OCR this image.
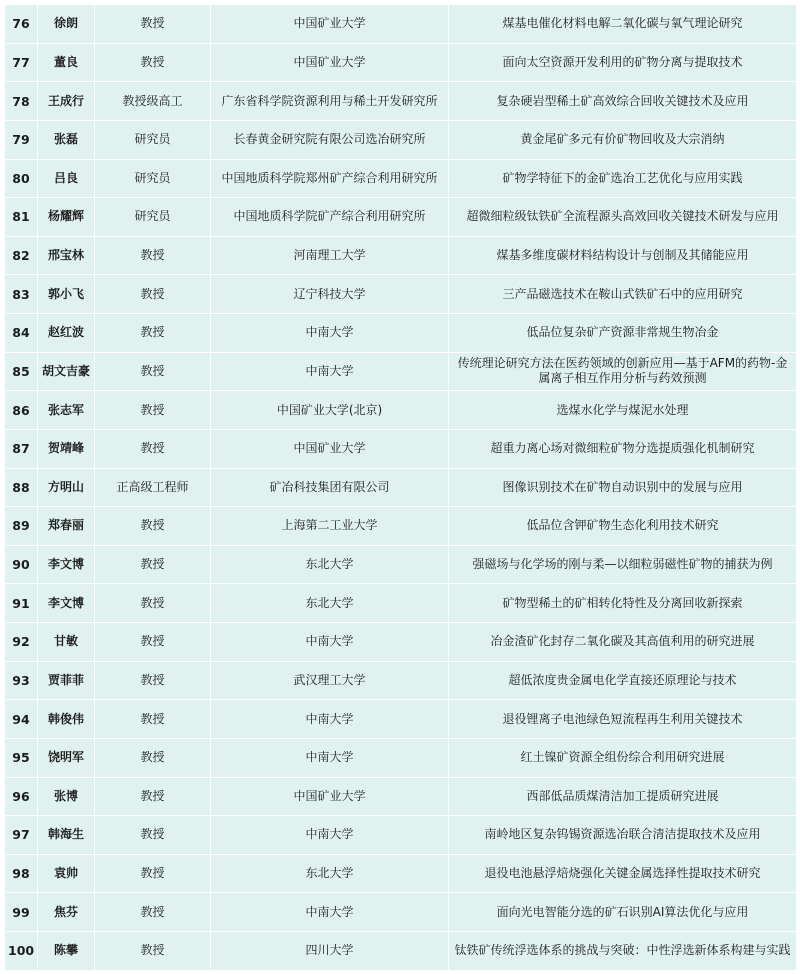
76	徐朗	教授	中国矿业大学	煤基电催化材料电解二氧化碳与氧气理论研究
77	董良	教授	中国矿业大学	面向太空资源开发利用的矿物分离与提取技术
78	王成行	教授级高工	广东省科学院资源利用与稀土开发研究所	复杂硬岩型稀土矿高效综合回收关键技术及应用
79	张磊	研究员	长春黄金研究院有限公司选冶研究所	黄金尾矿多元有价矿物回收及大宗消纳
80	吕良	研究员	中国地质科学院郑州矿产综合利用研究所	矿物学特征下的金矿选冶工艺优化与应用实践
81	杨耀辉	研究员	中国地质科学院矿产综合利用研究所	超微细粒级钛铁矿全流程源头高效回收关键技术研发与应用
82	邢宝林	教授	河南理工大学	煤基多维度碳材料结构设计与创制及其储能应用
83	郭小飞	教授	辽宁科技大学	三产品磁选技术在鞍山式铁矿石中的应用研究
84	赵红波	教授	中南大学	低品位复杂矿产资源非常规生物冶金
85	胡文吉豪	教授	中南大学	传统理论研究方法在医药领域的创新应用—基于AFM的药物-金属离子相互作用分析与药效预测
86	张志军	教授	中国矿业大学(北京)	选煤水化学与煤泥水处理
87	贺靖峰	教授	中国矿业大学	超重力离心场对微细粒矿物分选提质强化机制研究
88	方明山	正高级工程师	矿冶科技集团有限公司	图像识别技术在矿物自动识别中的发展与应用
89	郑春丽	教授	上海第二工业大学	低品位含钾矿物生态化利用技术研究
90	李文博	教授	东北大学	强磁场与化学场的刚与柔—以细粒弱磁性矿物的捕获为例
91	李文博	教授	东北大学	矿物型稀土的矿相转化特性及分离回收新探索
92	甘敏	教授	中南大学	冶金渣矿化封存二氧化碳及其高值利用的研究进展
93	贾菲菲	教授	武汉理工大学	超低浓度贵金属电化学直接还原理论与技术
94	韩俊伟	教授	中南大学	退役锂离子电池绿色短流程再生利用关键技术
95	饶明军	教授	中南大学	红土镍矿资源全组份综合利用研究进展
96	张博	教授	中国矿业大学	西部低品质煤清洁加工提质研究进展
97	韩海生	教授	中南大学	南岭地区复杂钨锡资源选冶联合清洁提取技术及应用
98	袁帅	教授	东北大学	退役电池悬浮焙烧强化关键金属选择性提取技术研究
99	焦芬	教授	中南大学	面向光电智能分选的矿石识别AI算法优化与应用
100	陈攀	教授	四川大学	钛铁矿传统浮选体系的挑战与突破：中性浮选新体系构建与实践
